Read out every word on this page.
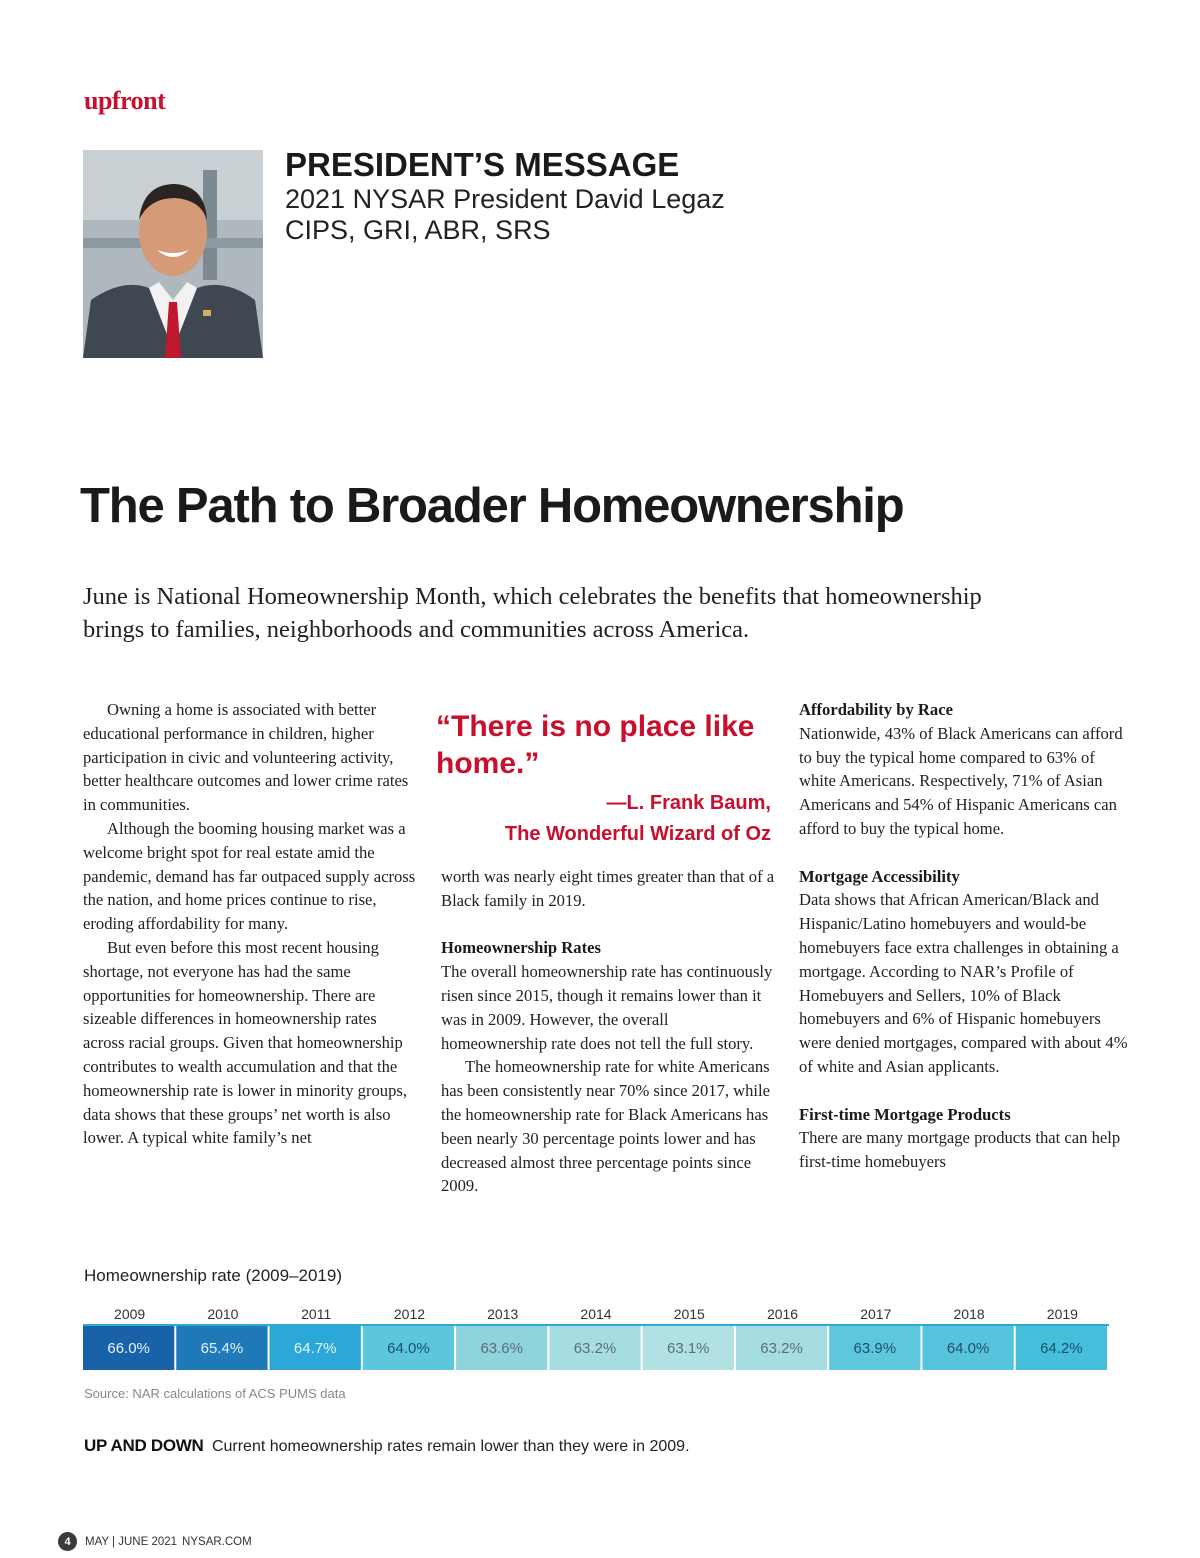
upfront
PRESIDENT’S MESSAGE
2021 NYSAR President David Legaz
CIPS, GRI, ABR, SRS
The Path to Broader Homeownership
June is National Homeownership Month, which celebrates the benefits that homeownership brings to families, neighborhoods and communities across America.

Owning a home is associated with better educational performance in children, higher participation in civic and volunteering activity, better healthcare outcomes and lower crime rates in communities.

Although the booming housing market was a welcome bright spot for real estate amid the pandemic, demand has far outpaced supply across the nation, and home prices continue to rise, eroding affordability for many.

But even before this most recent housing shortage, not everyone has had the same opportunities for homeownership. There are sizeable differences in homeownership rates across racial groups. Given that homeownership contributes to wealth accumulation and that the homeownership rate is lower in minority groups, data shows that these groups’ net worth is also lower. A typical white family’s net

“There is no place like home.”
—L. Frank Baum,
The Wonderful Wizard of Oz

worth was nearly eight times greater than that of a Black family in 2019.

Homeownership Rates

The overall homeownership rate has continuously risen since 2015, though it remains lower than it was in 2009. However, the overall homeownership rate does not tell the full story.

The homeownership rate for white Americans has been consistently near 70% since 2017, while the homeownership rate for Black Americans has been nearly 30 percentage points lower and has decreased almost three percentage points since 2009.

Affordability by Race

Nationwide, 43% of Black Americans can afford to buy the typical home compared to 63% of white Americans. Respectively, 71% of Asian Americans and 54% of Hispanic Americans can afford to buy the typical home.

Mortgage Accessibility

Data shows that African American/Black and Hispanic/Latino homebuyers and would-be homebuyers face extra challenges in obtaining a mortgage. According to NAR’s Profile of Homebuyers and Sellers, 10% of Black homebuyers and 6% of Hispanic homebuyers were denied mortgages, compared with about 4% of white and Asian applicants.

First-time Mortgage Products

There are many mortgage products that can help first-time homebuyers

Homeownership rate (2009–2019)
2009
66.0%
2010
65.4%
2011
64.7%
2012
64.0%
2013
63.6%
2014
63.2%
2015
63.1%
2016
63.2%
2017
63.9%
2018
64.0%
2019
64.2%
Source: NAR calculations of ACS PUMS data
UP AND DOWN Current homeownership rates remain lower than they were in 2009.
4	MAY | JUNE 2021 NYSAR.COM
